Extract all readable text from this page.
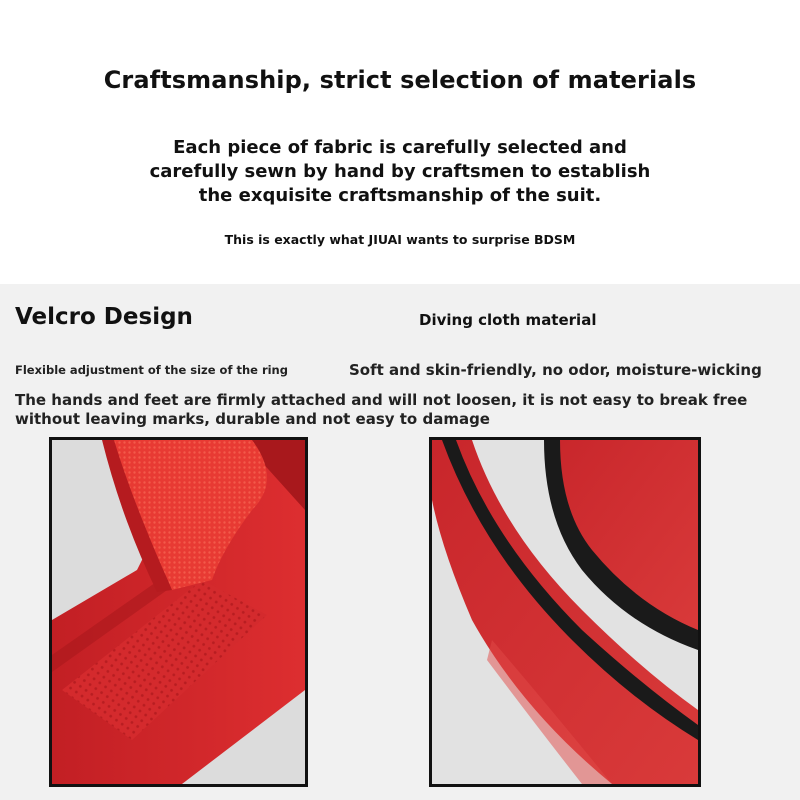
Craftsmanship, strict selection of materials
Each piece of fabric is carefully selected and
carefully sewn by hand by craftsmen to establish
the exquisite craftsmanship of the suit.
This is exactly what JIUAI wants to surprise BDSM
Velcro Design	Diving cloth material
Flexible adjustment of the size of the ring	Soft and skin-friendly, no odor, moisture-wicking
The hands and feet are firmly attached and will not loosen, it is not easy to break free
without leaving marks, durable and not easy to damage
